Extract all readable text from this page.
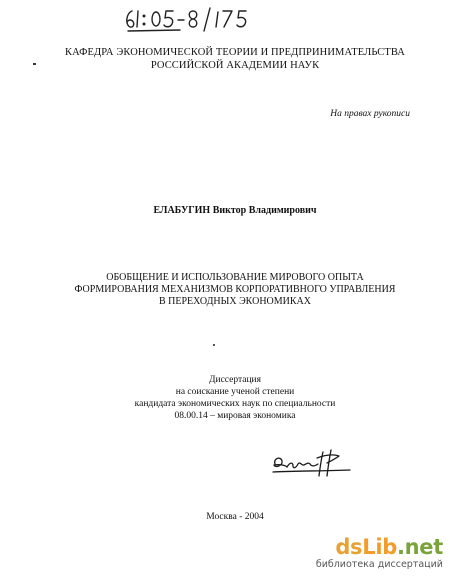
КАФЕДРА ЭКОНОМИЧЕСКОЙ ТЕОРИИ И ПРЕДПРИНИМАТЕЛЬСТВА
РОССИЙСКОЙ АКАДЕМИИ НАУК
На правах рукописи
ЕЛАБУГИН Виктор Владимирович
ОБОБЩЕНИЕ И ИСПОЛЬЗОВАНИЕ МИРОВОГО ОПЫТА
ФОРМИРОВАНИЯ МЕХАНИЗМОВ КОРПОРАТИВНОГО УПРАВЛЕНИЯ
В ПЕРЕХОДНЫХ ЭКОНОМИКАХ
Диссертация
на соискание ученой степени
кандидата экономических наук по специальности
08.00.14 – мировая экономика
Москва - 2004
dsLib.net
библиотека диссертаций
